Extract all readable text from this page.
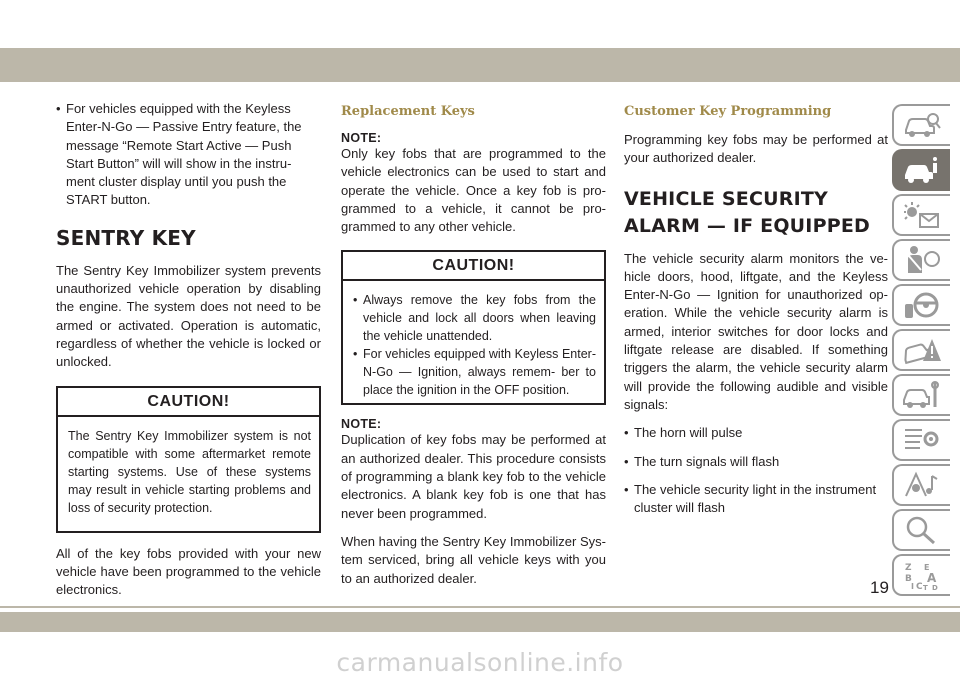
• For vehicles equipped with the Keyless Enter-N-Go — Passive Entry feature, the message “Remote Start Active — Push Start Button” will will show in the instru- ment cluster display until you push the START button.

SENTRY KEY

The Sentry Key Immobilizer system prevents unauthorized vehicle operation by disabling the engine. The system does not need to be armed or activated. Operation is automatic, regardless of whether the vehicle is locked or unlocked.

CAUTION!

The Sentry Key Immobilizer system is not compatible with some aftermarket remote starting systems. Use of these systems may result in vehicle starting problems and loss of security protection.

All of the key fobs provided with your new vehicle have been programmed to the vehicle electronics.

Replacement Keys
NOTE:

Only key fobs that are programmed to the vehicle electronics can be used to start and operate the vehicle. Once a key fob is pro- grammed to a vehicle, it cannot be pro- grammed to any other vehicle.

CAUTION!

• Always remove the key fobs from the vehicle and lock all doors when leaving the vehicle unattended.

• For vehicles equipped with Keyless Enter-N-Go — Ignition, always remem- ber to place the ignition in the OFF position.

NOTE:

Duplication of key fobs may be performed at an authorized dealer. This procedure consists of programming a blank key fob to the vehicle electronics. A blank key fob is one that has never been programmed.

When having the Sentry Key Immobilizer Sys- tem serviced, bring all vehicle keys with you to an authorized dealer.

Customer Key Programming

Programming key fobs may be performed at your authorized dealer.

VEHICLE SECURITY ALARM — IF EQUIPPED

The vehicle security alarm monitors the ve- hicle doors, hood, liftgate, and the Keyless Enter-N-Go — Ignition for unauthorized op- eration. While the vehicle security alarm is armed, interior switches for door locks and liftgate release are disabled. If something triggers the alarm, the vehicle security alarm will provide the following audible and visible signals:

• The horn will pulse

• The turn signals will flash

• The vehicle security light in the instrument cluster will flash

Z E
B A
I C T D
19
carmanualsonline.info
